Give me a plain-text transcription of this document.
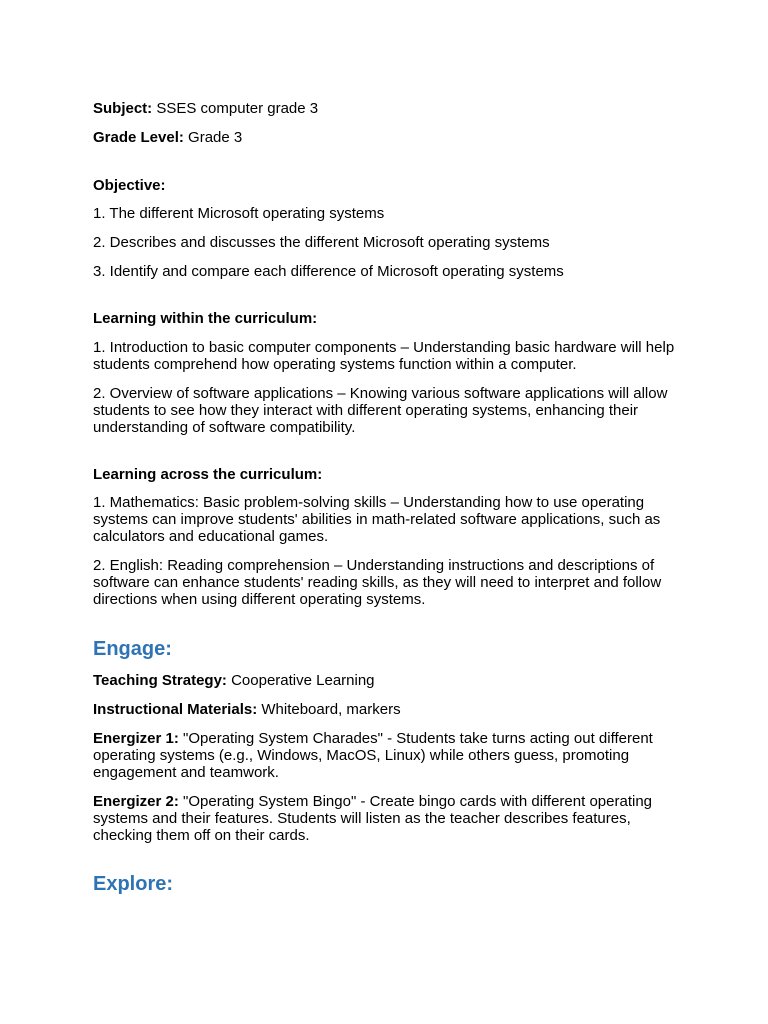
Subject: SSES computer grade 3

Grade Level: Grade 3

Objective:

1. The different Microsoft operating systems

2. Describes and discusses the different Microsoft operating systems

3. Identify and compare each difference of Microsoft operating systems

Learning within the curriculum:

1. Introduction to basic computer components – Understanding basic hardware will help students comprehend how operating systems function within a computer.

2. Overview of software applications – Knowing various software applications will allow students to see how they interact with different operating systems, enhancing their understanding of software compatibility.

Learning across the curriculum:

1. Mathematics: Basic problem-solving skills – Understanding how to use operating systems can improve students' abilities in math-related software applications, such as calculators and educational games.

2. English: Reading comprehension – Understanding instructions and descriptions of software can enhance students' reading skills, as they will need to interpret and follow directions when using different operating systems.

Engage:

Teaching Strategy: Cooperative Learning

Instructional Materials: Whiteboard, markers

Energizer 1: "Operating System Charades" - Students take turns acting out different operating systems (e.g., Windows, MacOS, Linux) while others guess, promoting engagement and teamwork.

Energizer 2: "Operating System Bingo" - Create bingo cards with different operating systems and their features. Students will listen as the teacher describes features, checking them off on their cards.

Explore:
